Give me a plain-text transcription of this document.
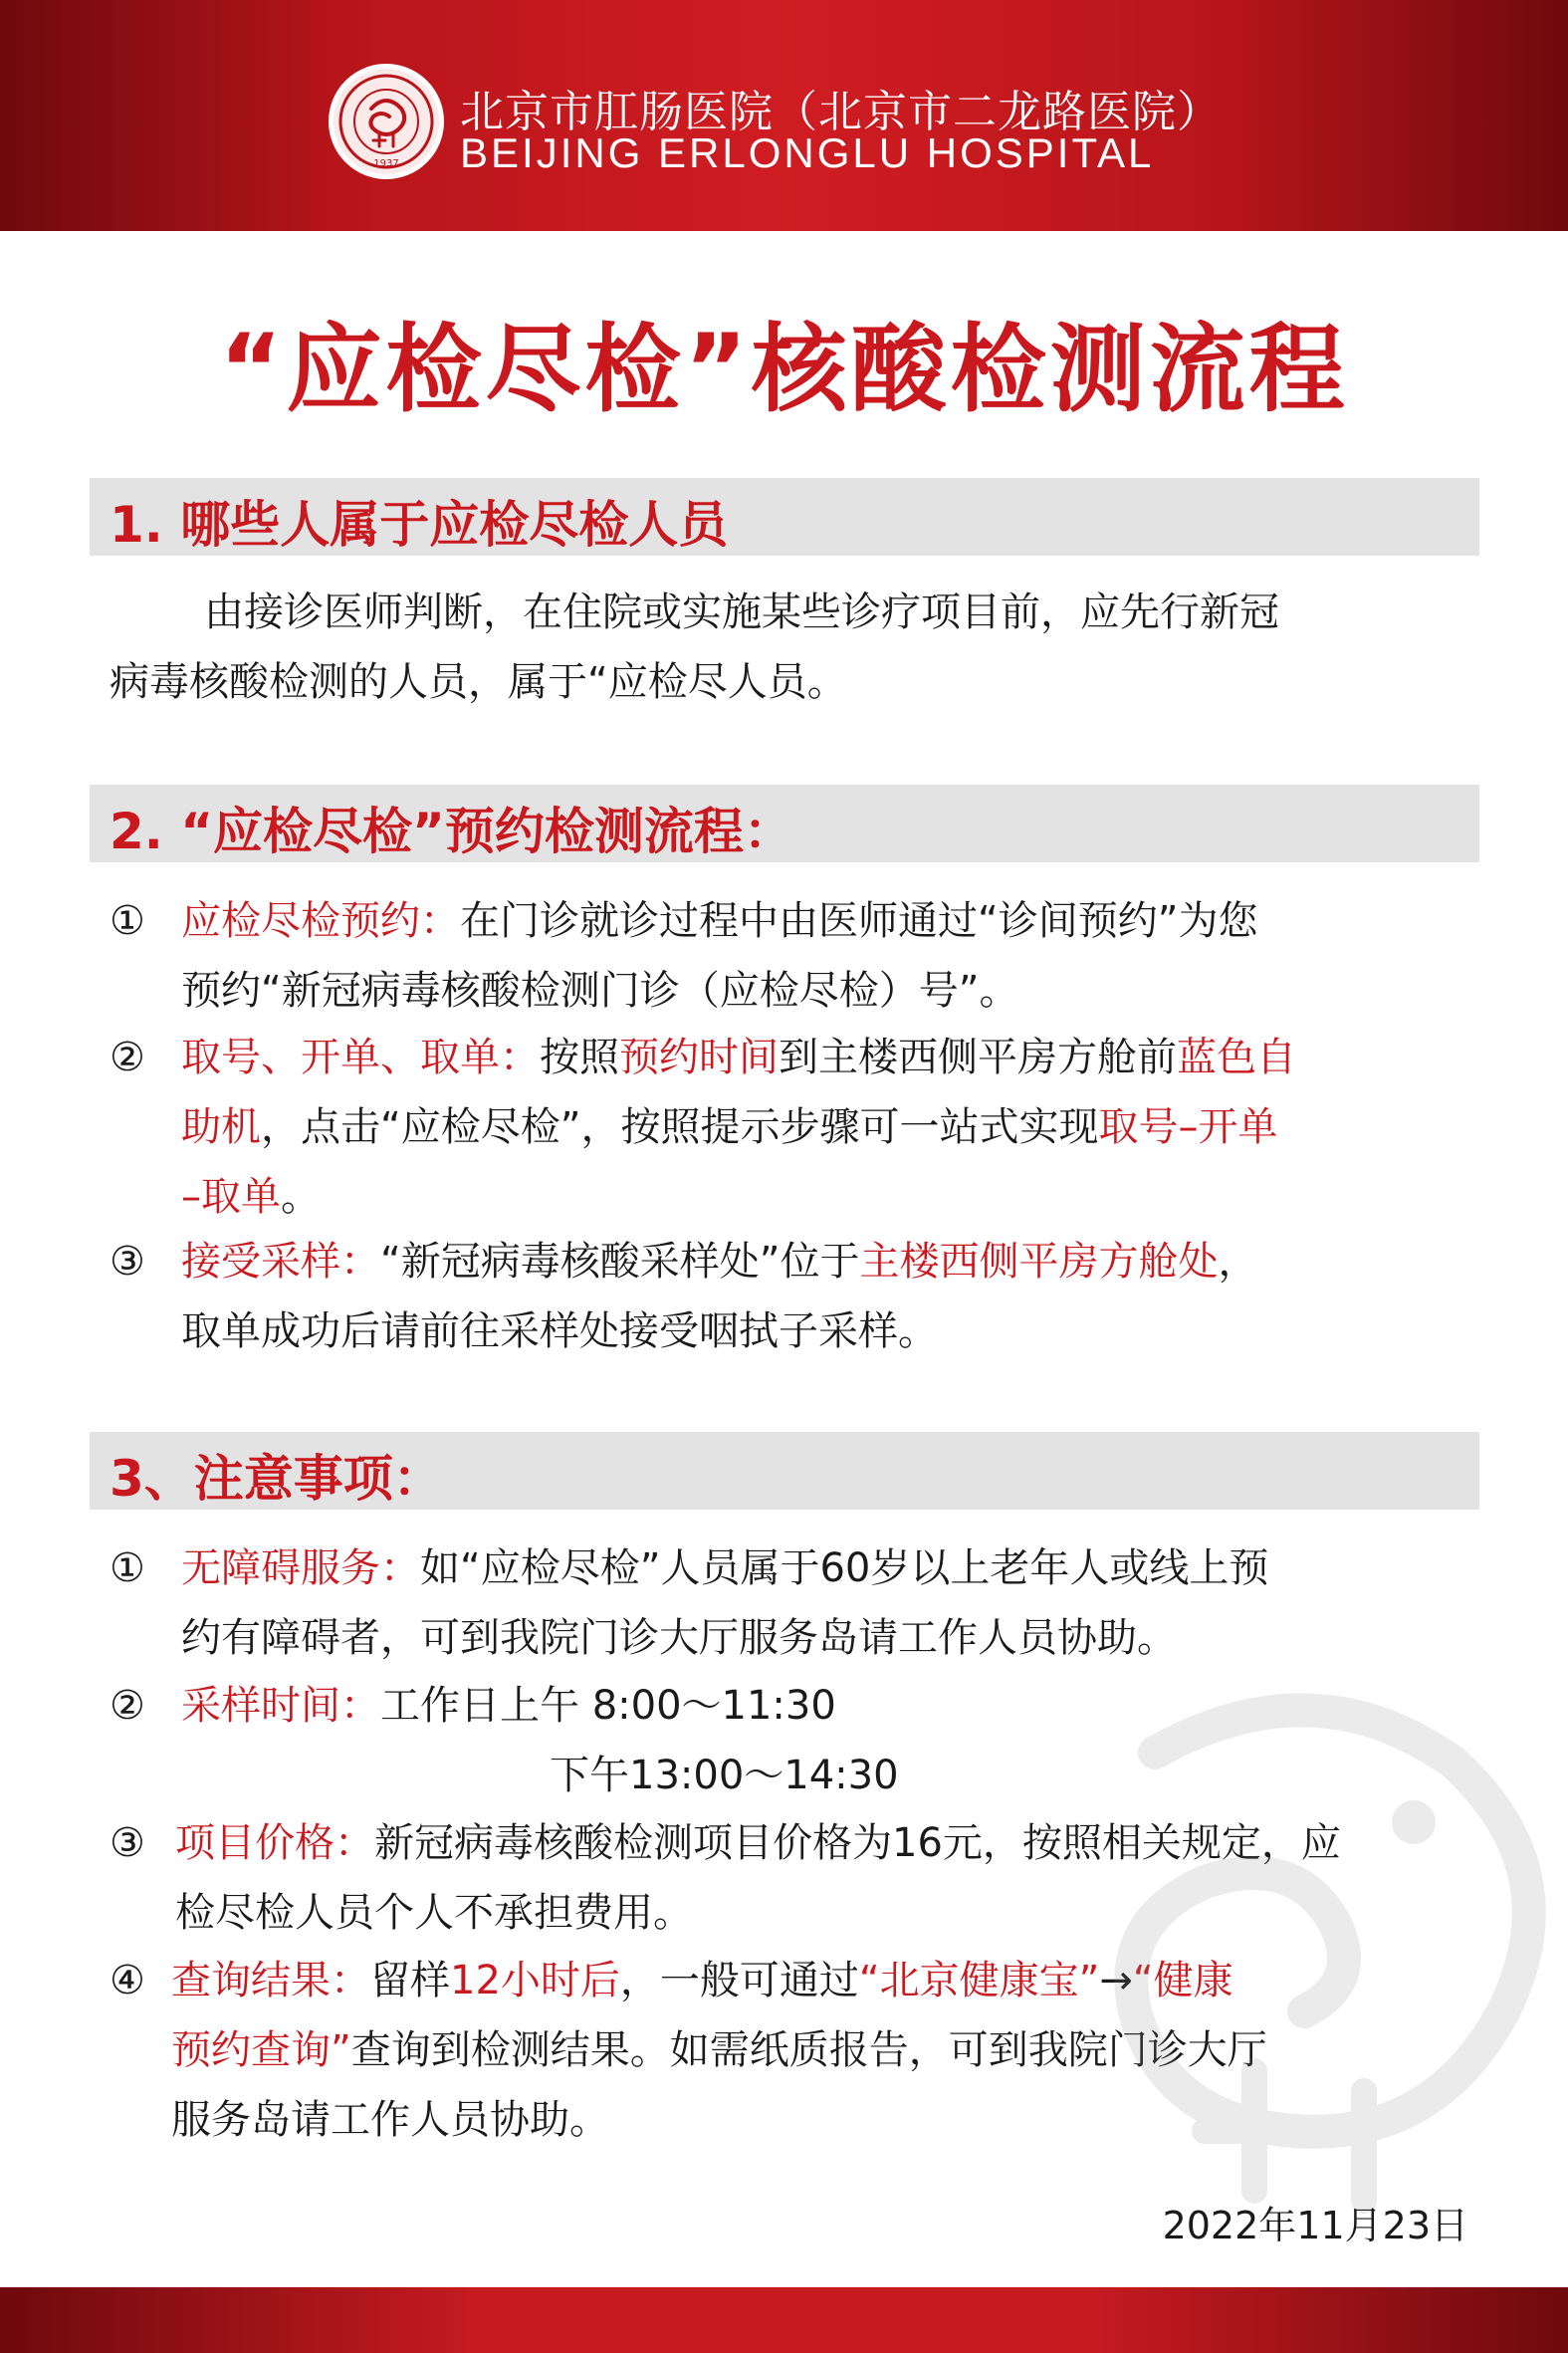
1937
北京市肛肠医院（北京市二龙路医院）
BEIJING ERLONGLU HOSPITAL
“应检尽检”核酸检测流程
1. 哪些人属于应检尽检人员
由接诊医师判断，在住院或实施某些诊疗项目前，应先行新冠
病毒核酸检测的人员，属于“应检尽人员。
2. “应检尽检”预约检测流程：
① 应检尽检预约：在门诊就诊过程中由医师通过“诊间预约”为您
预约“新冠病毒核酸检测门诊（应检尽检）号”。
② 取号、开单、取单：按照预约时间到主楼西侧平房方舱前蓝色自
助机，点击“应检尽检”，按照提示步骤可一站式实现取号–开单
–取单。
③ 接受采样：“新冠病毒核酸采样处”位于主楼西侧平房方舱处，
取单成功后请前往采样处接受咽拭子采样。
3、注意事项：
① 无障碍服务：如“应检尽检”人员属于60岁以上老年人或线上预
约有障碍者，可到我院门诊大厅服务岛请工作人员协助。
② 采样时间：工作日上午 8:00～11:30
下午13:00～14:30
③ 项目价格：新冠病毒核酸检测项目价格为16元，按照相关规定，应
检尽检人员个人不承担费用。
④ 查询结果：留样12小时后，一般可通过“北京健康宝”→“健康
预约查询”查询到检测结果。如需纸质报告，可到我院门诊大厅
服务岛请工作人员协助。
2022年11月23日
